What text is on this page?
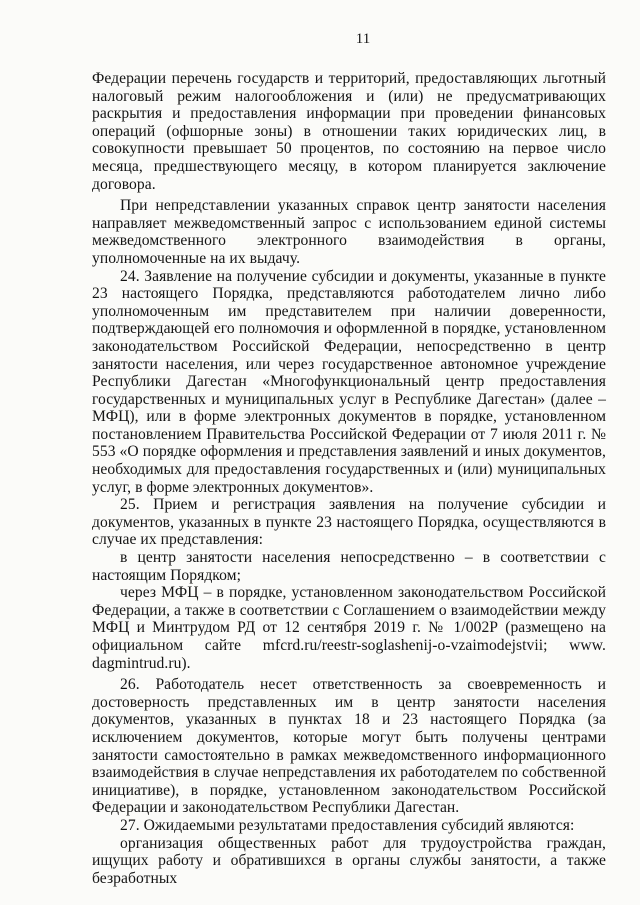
11

Федерации перечень государств и территорий, предоставляющих льготный налоговый режим налогообложения и (или) не предусматривающих раскрытия и предоставления информации при проведении финансовых операций (офшорные зоны) в отношении таких юридических лиц, в совокупности превышает 50 процентов, по состоянию на первое число месяца, предшествующего месяцу, в котором планируется заключение договора.

При непредставлении указанных справок центр занятости населения направляет межведомственный запрос с использованием единой системы межведомственного электронного взаимодействия в органы, уполномоченные на их выдачу.

24. Заявление на получение субсидии и документы, указанные в пункте 23 настоящего Порядка, представляются работодателем лично либо уполномоченным им представителем при наличии доверенности, подтверждающей его полномочия и оформленной в порядке, установленном законодательством Российской Федерации, непосредственно в центр занятости населения, или через государственное автономное учреждение Республики Дагестан «Многофункциональный центр предоставления государственных и муниципальных услуг в Республике Дагестан» (далее – МФЦ), или в форме электронных документов в порядке, установленном постановлением Правительства Российской Федерации от 7 июля 2011 г. № 553 «О порядке оформления и представления заявлений и иных документов, необходимых для предоставления государственных и (или) муниципальных услуг, в форме электронных документов».

25. Прием и регистрация заявления на получение субсидии и документов, указанных в пункте 23 настоящего Порядка, осуществляются в случае их представления:

в центр занятости населения непосредственно – в соответствии с настоящим Порядком;

через МФЦ – в порядке, установленном законодательством Российской Федерации, а также в соответствии с Соглашением о взаимодействии между МФЦ и Минтрудом РД от 12 сентября 2019 г. № 1/002Р (размещено на официальном сайте mfcrd.ru/reestr-soglashenij-o-vzaimodejstvii; www. dagmintrud.ru).

26. Работодатель несет ответственность за своевременность и достоверность представленных им в центр занятости населения документов, указанных в пунктах 18 и 23 настоящего Порядка (за исключением документов, которые могут быть получены центрами занятости самостоятельно в рамках межведомственного информационного взаимодействия в случае непредставления их работодателем по собственной инициативе), в порядке, установленном законодательством Российской Федерации и законодательством Республики Дагестан.

27. Ожидаемыми результатами предоставления субсидий являются:

организация общественных работ для трудоустройства граждан, ищущих работу и обратившихся в органы службы занятости, а также безработных
